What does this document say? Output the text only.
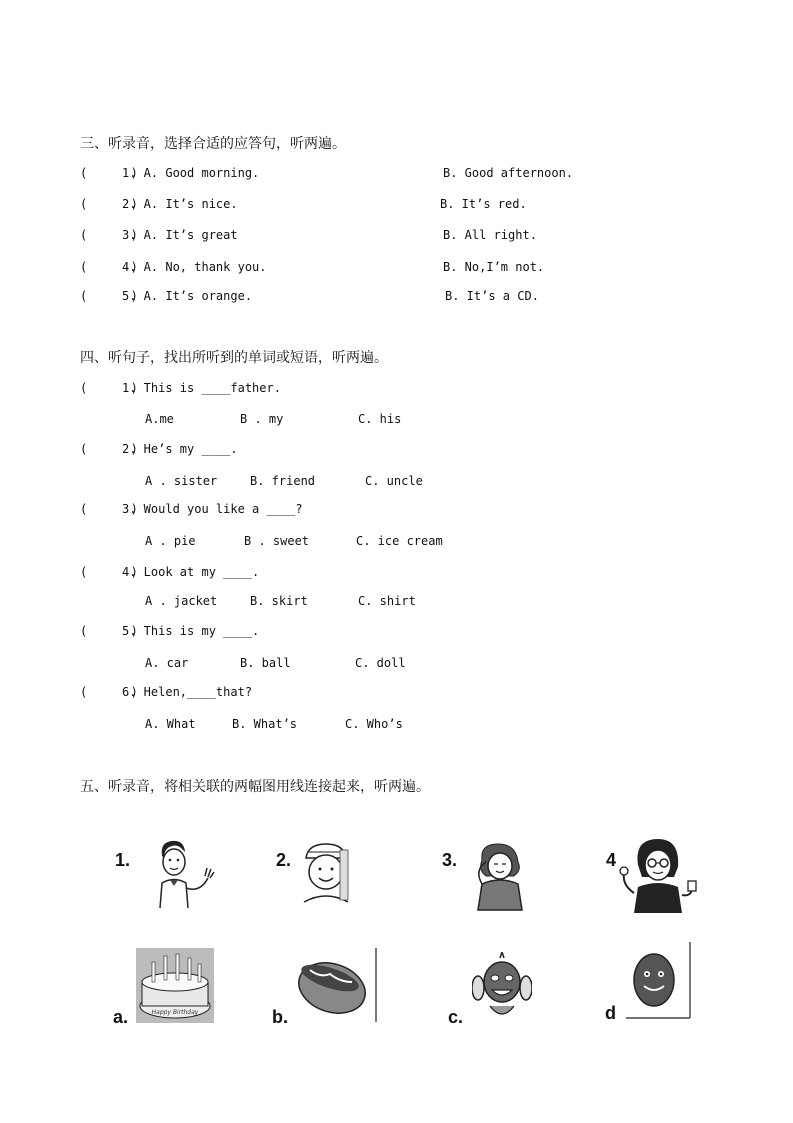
三、听录音，选择合适的应答句，听两遍。
(      )
1. A. Good morning.	B. Good afternoon.
(      )
2. A. It’s nice.	B. It’s red.
(      )
3. A. It’s great	B. All right.
(      )
4. A. No, thank you.	B. No,I’m not.
(      )
5. A. It’s orange.	B. It’s a CD.
四、听句子，找出所听到的单词或短语，听两遍。
(      )
1. This is ____father.
A.me	B . my	C. his
(      )
2. He’s my ____.
A . sister	B. friend	C. uncle
(      )
3. Would you like a ____?
A . pie	B . sweet	C. ice cream
(      )
4. Look at my ____.
A . jacket	B. skirt	C. shirt
(      )
5. This is my ____.
A. car	B. ball	C. doll
(      )
6. Helen,____that?
A. What	B. What’s	C. Who’s
五、听录音，将相关联的两幅图用线连接起来，听两遍。
1.	2.	3.	4
a.	b.	c.	d
Happy Birthday
